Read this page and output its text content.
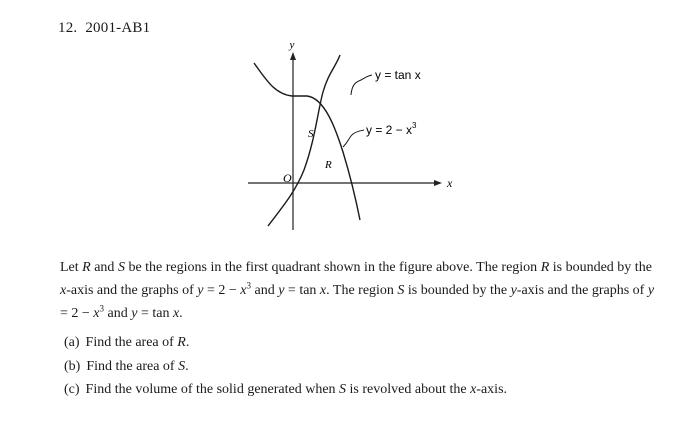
12. 2001-AB1
y
x
O
S
R
y = tan x
$y = 2 - x^3$

Let R and S be the regions in the first quadrant shown in the figure above. The region R is bounded by the x-axis and the graphs of $y = 2 - x^3$ and y = tan x. The region S is bounded by the y-axis and the graphs of $y = 2 - x^3$ and y = tan x.

(a) Find the area of R.

(b) Find the area of S.

(c) Find the volume of the solid generated when S is revolved about the x-axis.
